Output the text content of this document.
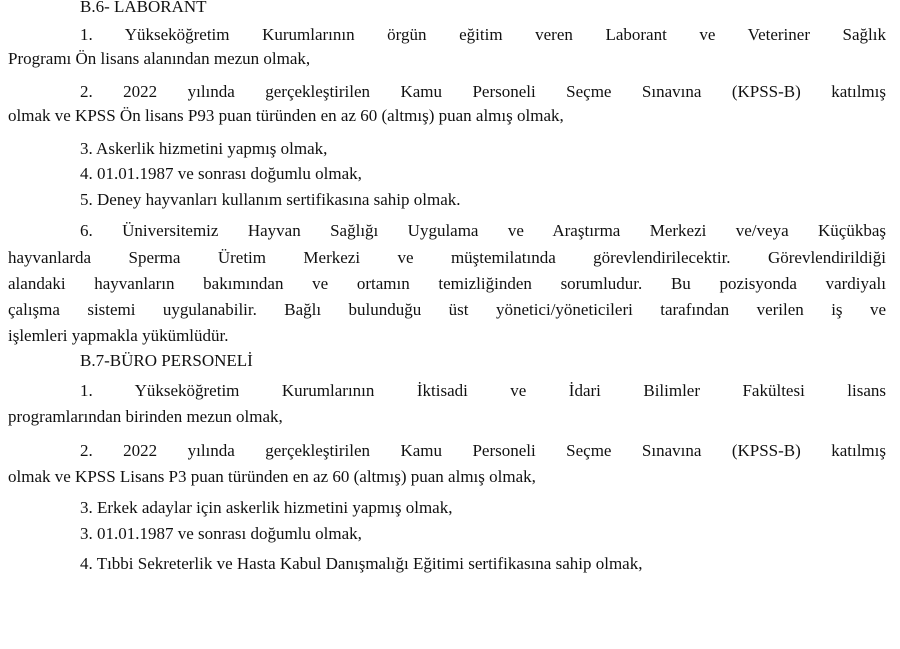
B.6- LABORANT
1. Yükseköğretim Kurumlarının örgün eğitim veren Laborant ve Veteriner Sağlık
Programı Ön lisans alanından mezun olmak,
2. 2022 yılında gerçekleştirilen Kamu Personeli Seçme Sınavına (KPSS-B) katılmış
olmak ve KPSS Ön lisans P93 puan türünden en az 60 (altmış) puan almış olmak,
3. Askerlik hizmetini yapmış olmak,
4. 01.01.1987 ve sonrası doğumlu olmak,
5. Deney hayvanları kullanım sertifikasına sahip olmak.
6. Üniversitemiz Hayvan Sağlığı Uygulama ve Araştırma Merkezi ve/veya Küçükbaş
hayvanlarda Sperma Üretim Merkezi ve müştemilatında görevlendirilecektir. Görevlendirildiği
alandaki hayvanların bakımından ve ortamın temizliğinden sorumludur. Bu pozisyonda vardiyalı
çalışma sistemi uygulanabilir. Bağlı bulunduğu üst yönetici/yöneticileri tarafından verilen iş ve
işlemleri yapmakla yükümlüdür.
B.7-BÜRO PERSONELİ
1. Yükseköğretim Kurumlarının İktisadi ve İdari Bilimler Fakültesi lisans
programlarından birinden mezun olmak,
2. 2022 yılında gerçekleştirilen Kamu Personeli Seçme Sınavına (KPSS-B) katılmış
olmak ve KPSS Lisans P3 puan türünden en az 60 (altmış) puan almış olmak,
3. Erkek adaylar için askerlik hizmetini yapmış olmak,
3. 01.01.1987 ve sonrası doğumlu olmak,
4. Tıbbi Sekreterlik ve Hasta Kabul Danışmalığı Eğitimi sertifikasına sahip olmak,
